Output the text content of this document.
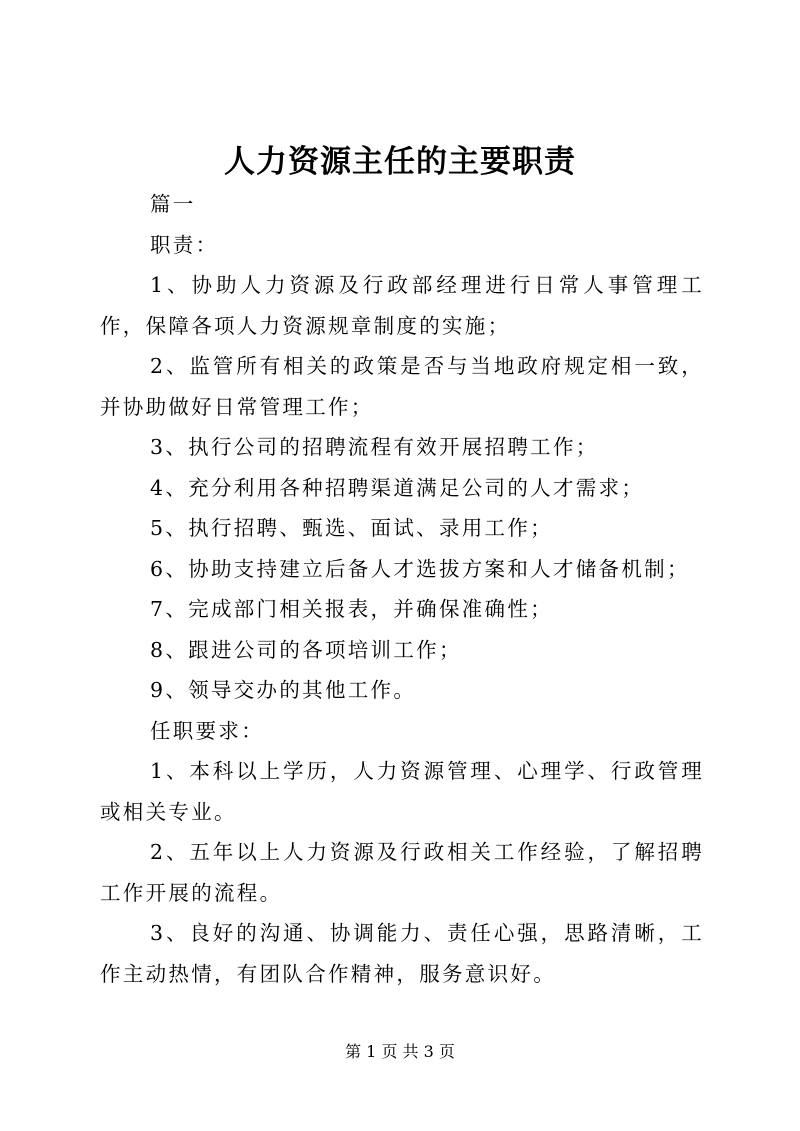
人力资源主任的主要职责

篇一

职责：

1、协助人力资源及行政部经理进行日常人事管理工作，保障各项人力资源规章制度的实施；

2、监管所有相关的政策是否与当地政府规定相一致，并协助做好日常管理工作；

3、执行公司的招聘流程有效开展招聘工作；

4、充分利用各种招聘渠道满足公司的人才需求；

5、执行招聘、甄选、面试、录用工作；

6、协助支持建立后备人才选拔方案和人才储备机制；

7、完成部门相关报表，并确保准确性；

8、跟进公司的各项培训工作；

9、领导交办的其他工作。

任职要求：

1、本科以上学历，人力资源管理、心理学、行政管理或相关专业。

2、五年以上人力资源及行政相关工作经验，了解招聘工作开展的流程。

3、良好的沟通、协调能力、责任心强，思路清晰，工作主动热情，有团队合作精神，服务意识好。

第 1 页 共 3 页
